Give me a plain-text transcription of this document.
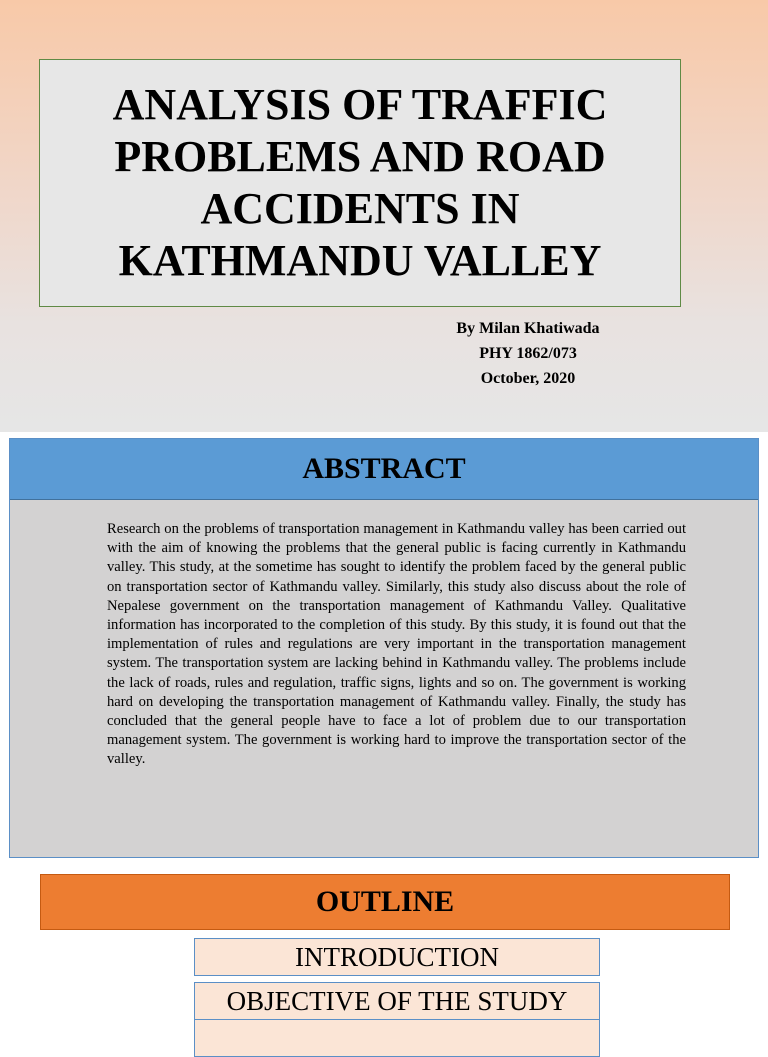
ANALYSIS OF TRAFFIC PROBLEMS AND ROAD ACCIDENTS IN KATHMANDU VALLEY
By Milan Khatiwada
PHY 1862/073
October, 2020
ABSTRACT

Research on the problems of transportation management in Kathmandu valley has been carried out with the aim of knowing the problems that the general public is facing currently in Kathmandu valley. This study, at the sometime has sought to identify the problem faced by the general public on transportation sector of Kathmandu valley. Similarly, this study also discuss about the role of Nepalese government on the transportation management of Kathmandu Valley. Qualitative information has incorporated to the completion of this study. By this study, it is found out that the implementation of rules and regulations are very important in the transportation management system. The transportation system are lacking behind in Kathmandu valley. The problems include the lack of roads, rules and regulation, traffic signs, lights and so on. The government is working hard on developing the transportation management of Kathmandu valley. Finally, the study has concluded that the general people have to face a lot of problem due to our transportation management system. The government is working hard to improve the transportation sector of the valley.

OUTLINE
INTRODUCTION
OBJECTIVE OF THE STUDY
